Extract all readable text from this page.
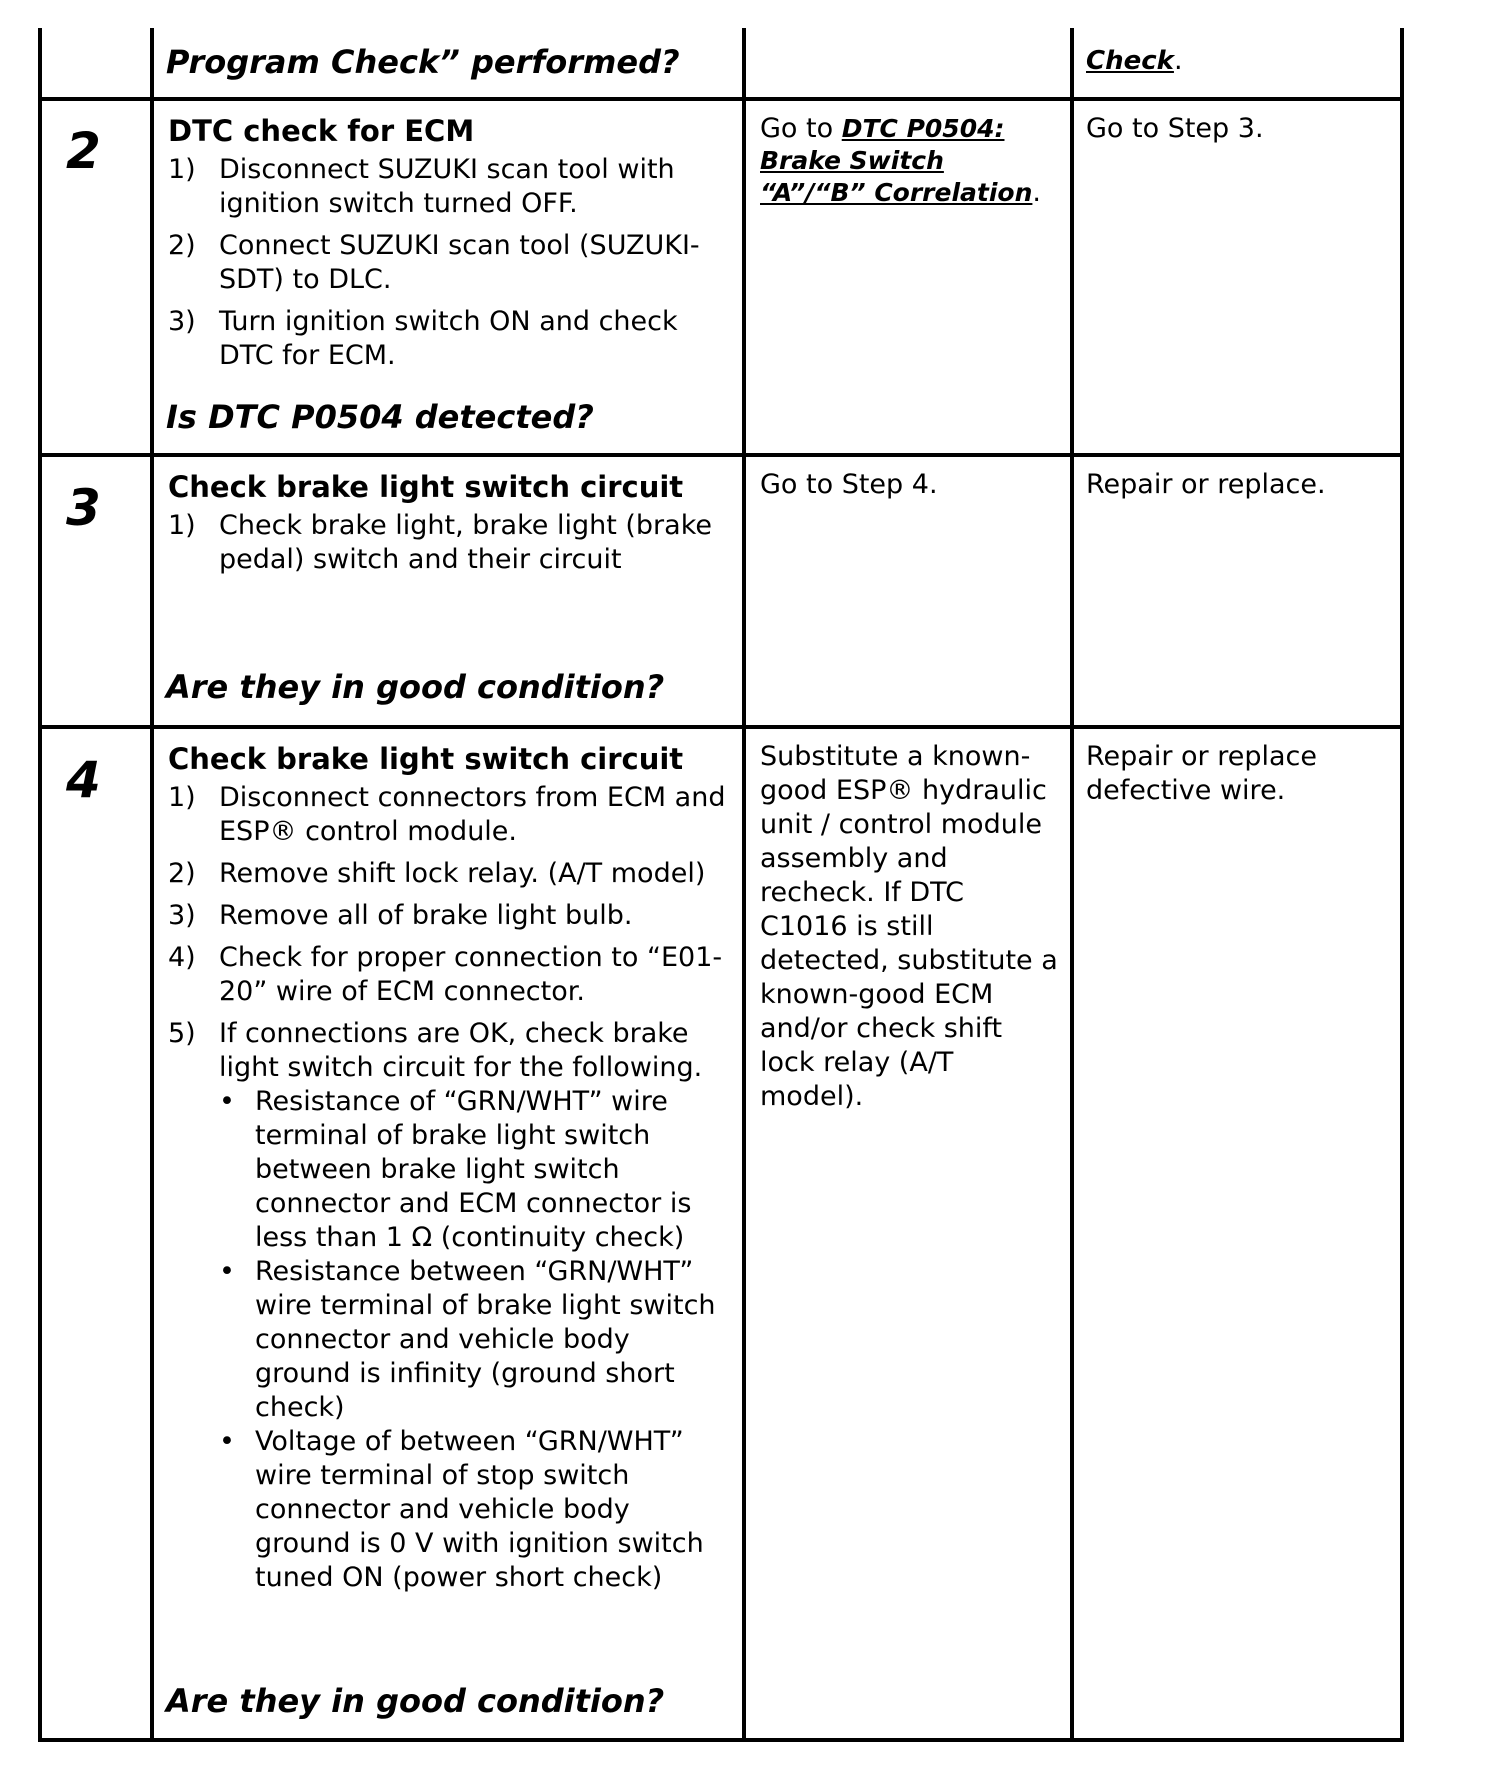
Program Check” performed?	Check.
2 DTC check for ECM
1) Disconnect SUZUKI scan tool with ignition switch turned OFF.
2) Connect SUZUKI scan tool (SUZUKI-SDT) to DLC.
3) Turn ignition switch ON and check DTC for ECM.
Is DTC P0504 detected?
Go to DTC P0504:
Brake Switch
“A”/“B” Correlation.
Go to Step 3.
3 Check brake light switch circuit
1) Check brake light, brake light (brake pedal) switch and their circuit
Are they in good condition?
Go to Step 4.	Repair or replace.
4 Check brake light switch circuit
1) Disconnect connectors from ECM and ESP® control module.
2) Remove shift lock relay. (A/T model)
3) Remove all of brake light bulb.
4) Check for proper connection to “E01-20” wire of ECM connector.
5) If connections are OK, check brake light switch circuit for the following.
• Resistance of “GRN/WHT” wire terminal of brake light switch between brake light switch connector and ECM connector is less than 1 Ω (continuity check)
• Resistance between “GRN/WHT” wire terminal of brake light switch connector and vehicle body ground is infinity (ground short check)
• Voltage of between “GRN/WHT” wire terminal of stop switch connector and vehicle body ground is 0 V with ignition switch tuned ON (power short check)
Are they in good condition?
Substitute a known-good ESP® hydraulic unit / control module assembly and recheck. If DTC C1016 is still detected, substitute a known-good ECM and/or check shift lock relay (A/T model).
Repair or replace defective wire.
